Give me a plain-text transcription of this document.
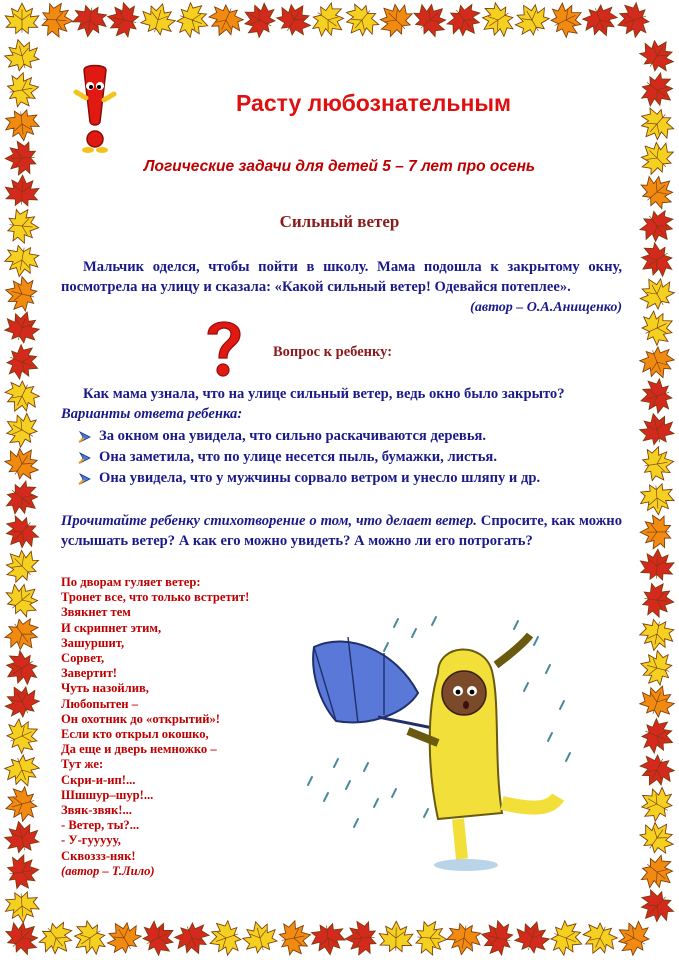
Расту любознательным
Логические задачи для детей 5 – 7 лет про осень
Сильный ветер

Мальчик оделся, чтобы пойти в школу. Мама подошла к закрытому окну, посмотрела на улицу и сказала: «Какой сильный ветер! Одевайся потеплее».

(автор – О.А.Анищенко)
Вопрос к ребенку:
Как мама узнала, что на улице сильный ветер, ведь окно было закрыто?
Варианты ответа ребенка:
За окном она увидела, что сильно раскачиваются деревья.
Она заметила, что по улице несется пыль, бумажки, листья.
Она увидела, что у мужчины сорвало ветром и унесло шляпу и др.
Прочитайте ребенку стихотворение о том, что делает ветер. Спросите, как можно услышать ветер? А как его можно увидеть? А можно ли его потрогать?
По дворам гуляет ветер:
Тронет все, что только встретит!
Звякнет тем
И скрипнет этим,
Зашуршит,
Сорвет,
Завертит!
Чуть назойлив,
Любопытен –
Он охотник до «открытий»!
Если кто открыл окошко,
Да еще и дверь немножко –
Тут же:
Скри-и-ип!...
Шшшур–шур!...
Звяк-звяк!...
- Ветер, ты?...
- У-гууууу,
Сквоззз-няк!
(автор – Т.Лило)
